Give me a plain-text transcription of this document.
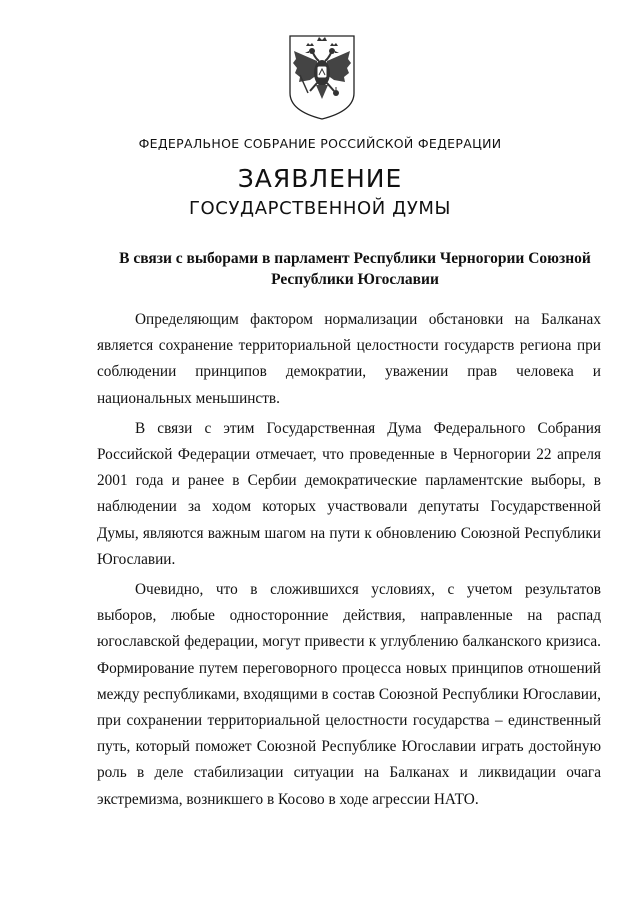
ФЕДЕРАЛЬНОЕ СОБРАНИЕ РОССИЙСКОЙ ФЕДЕРАЦИИ
ЗАЯВЛЕНИЕ
ГОСУДАРСТВЕННОЙ ДУМЫ
В связи с выборами в парламент Республики Черногории Союзной Республики Югославии

Определяющим фактором нормализации обстановки на Балканах является сохранение территориальной целостности государств региона при соблюдении принципов демократии, уважении прав человека и национальных меньшинств.

В связи с этим Государственная Дума Федерального Собрания Российской Федерации отмечает, что проведенные в Черногории 22 апреля 2001 года и ранее в Сербии демократические парламентские выборы, в наблюдении за ходом которых участвовали депутаты Государственной Думы, являются важным шагом на пути к обновлению Союзной Республики Югославии.

Очевидно, что в сложившихся условиях, с учетом результатов выборов, любые односторонние действия, направленные на распад югославской федерации, могут привести к углублению балканского кризиса. Формирование путем переговорного процесса новых принципов отношений между республиками, входящими в состав Союзной Республики Югославии, при сохранении территориальной целостности государства – единственный путь, который поможет Союзной Республике Югославии играть достойную роль в деле стабилизации ситуации на Балканах и ликвидации очага экстремизма, возникшего в Косово в ходе агрессии НАТО.
